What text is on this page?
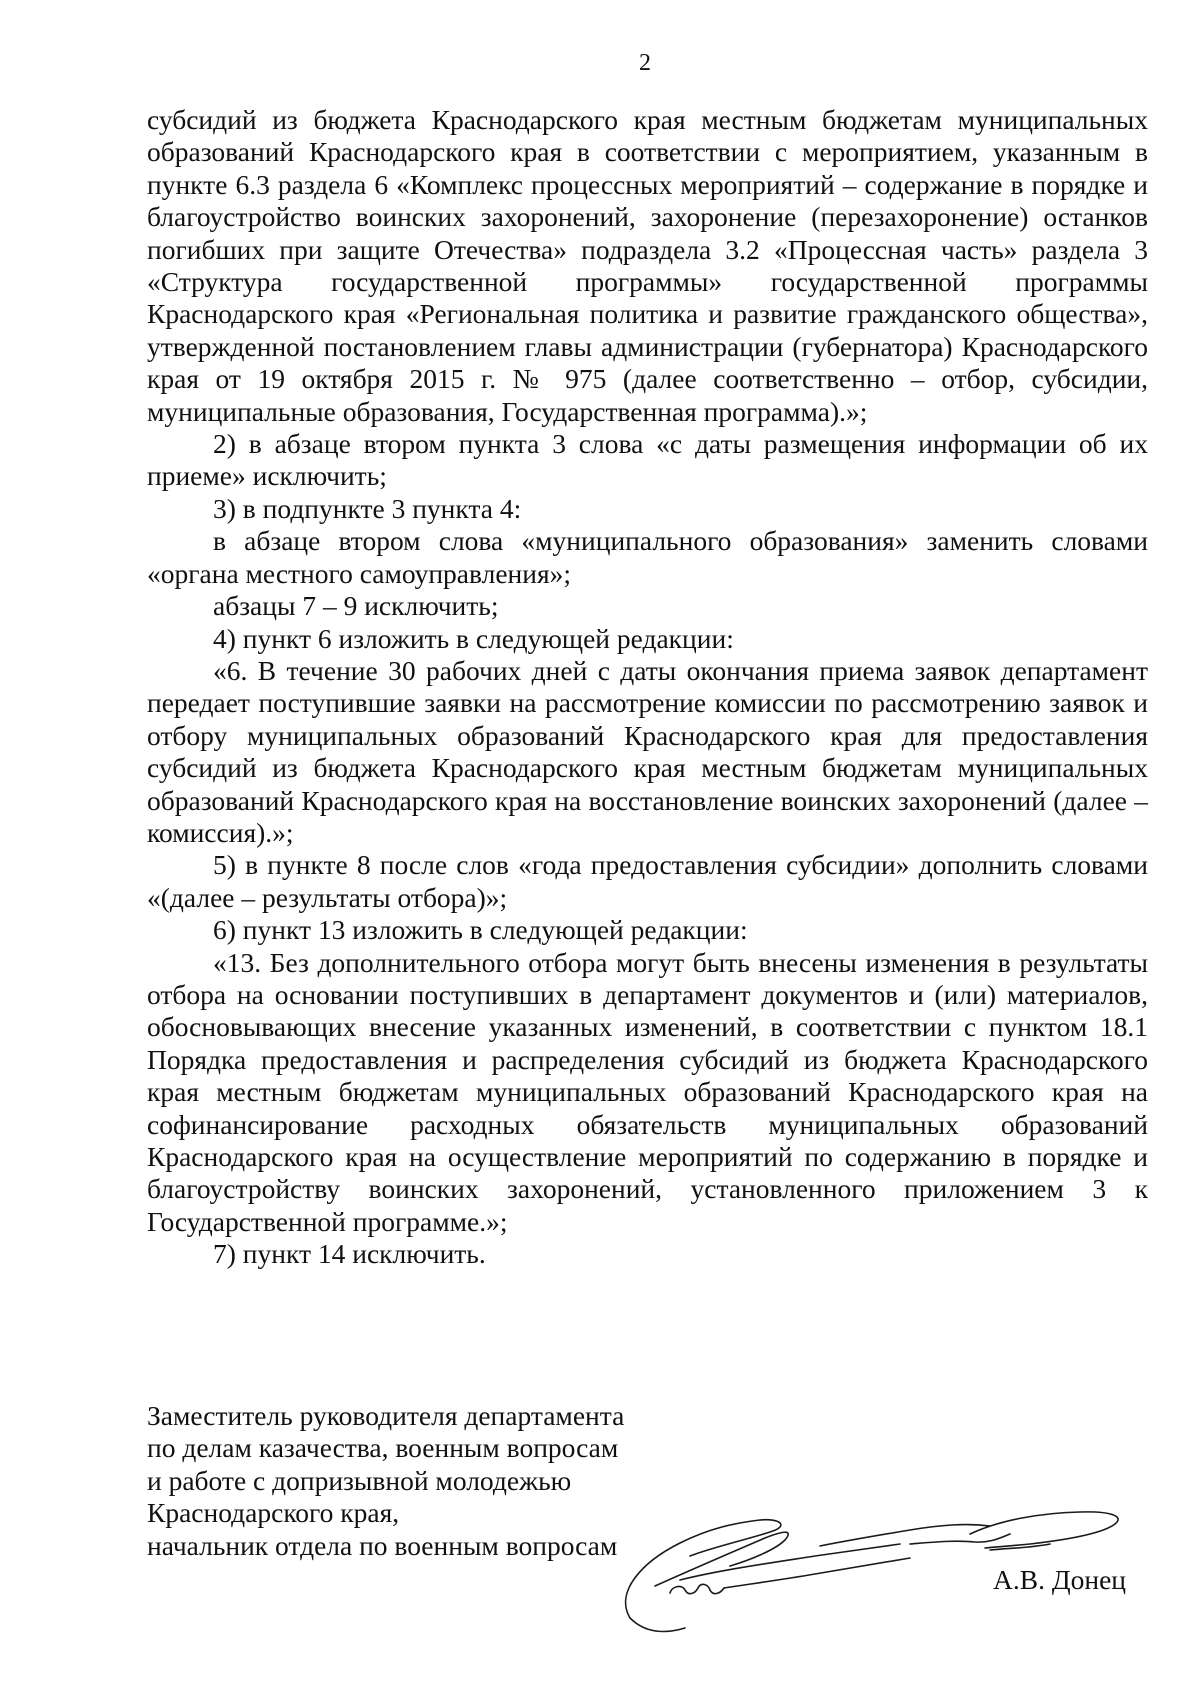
2

субсидий из бюджета Краснодарского края местным бюджетам муниципальных образований Краснодарского края в соответствии с мероприятием, указанным в пункте 6.3 раздела 6 «Комплекс процессных мероприятий – содержание в порядке и благоустройство воинских захоронений, захоронение (перезахоронение) останков погибших при защите Отечества» подраздела 3.2 «Процессная часть» раздела 3 «Структура государственной программы» государственной программы Краснодарского края «Региональная политика и развитие гражданского общества», утвержденной постановлением главы администрации (губернатора) Краснодарского края от 19 октября 2015 г. № 975 (далее соответственно – отбор, субсидии, муниципальные образования, Государственная программа).»;

2) в абзаце втором пункта 3 слова «с даты размещения информации об их приеме» исключить;

3) в подпункте 3 пункта 4:

в абзаце втором слова «муниципального образования» заменить словами «органа местного самоуправления»;

абзацы 7 – 9 исключить;

4) пункт 6 изложить в следующей редакции:

«6. В течение 30 рабочих дней с даты окончания приема заявок департамент передает поступившие заявки на рассмотрение комиссии по рассмотрению заявок и отбору муниципальных образований Краснодарского края для предоставления субсидий из бюджета Краснодарского края местным бюджетам муниципальных образований Краснодарского края на восстановление воинских захоронений (далее – комиссия).»;

5) в пункте 8 после слов «года предоставления субсидии» дополнить словами «(далее – результаты отбора)»;

6) пункт 13 изложить в следующей редакции:

«13. Без дополнительного отбора могут быть внесены изменения в результаты отбора на основании поступивших в департамент документов и (или) материалов, обосновывающих внесение указанных изменений, в соответствии с пунктом 18.1 Порядка предоставления и распределения субсидий из бюджета Краснодарского края местным бюджетам муниципальных образований Краснодарского края на софинансирование расходных обязательств муниципальных образований Краснодарского края на осуществление мероприятий по содержанию в порядке и благоустройству воинских захоронений, установленного приложением 3 к Государственной программе.»;

7) пункт 14 исключить.

Заместитель руководителя департамента
по делам казачества, военным вопросам
и работе с допризывной молодежью
Краснодарского края,
начальник отдела по военным вопросам
А.В. Донец
